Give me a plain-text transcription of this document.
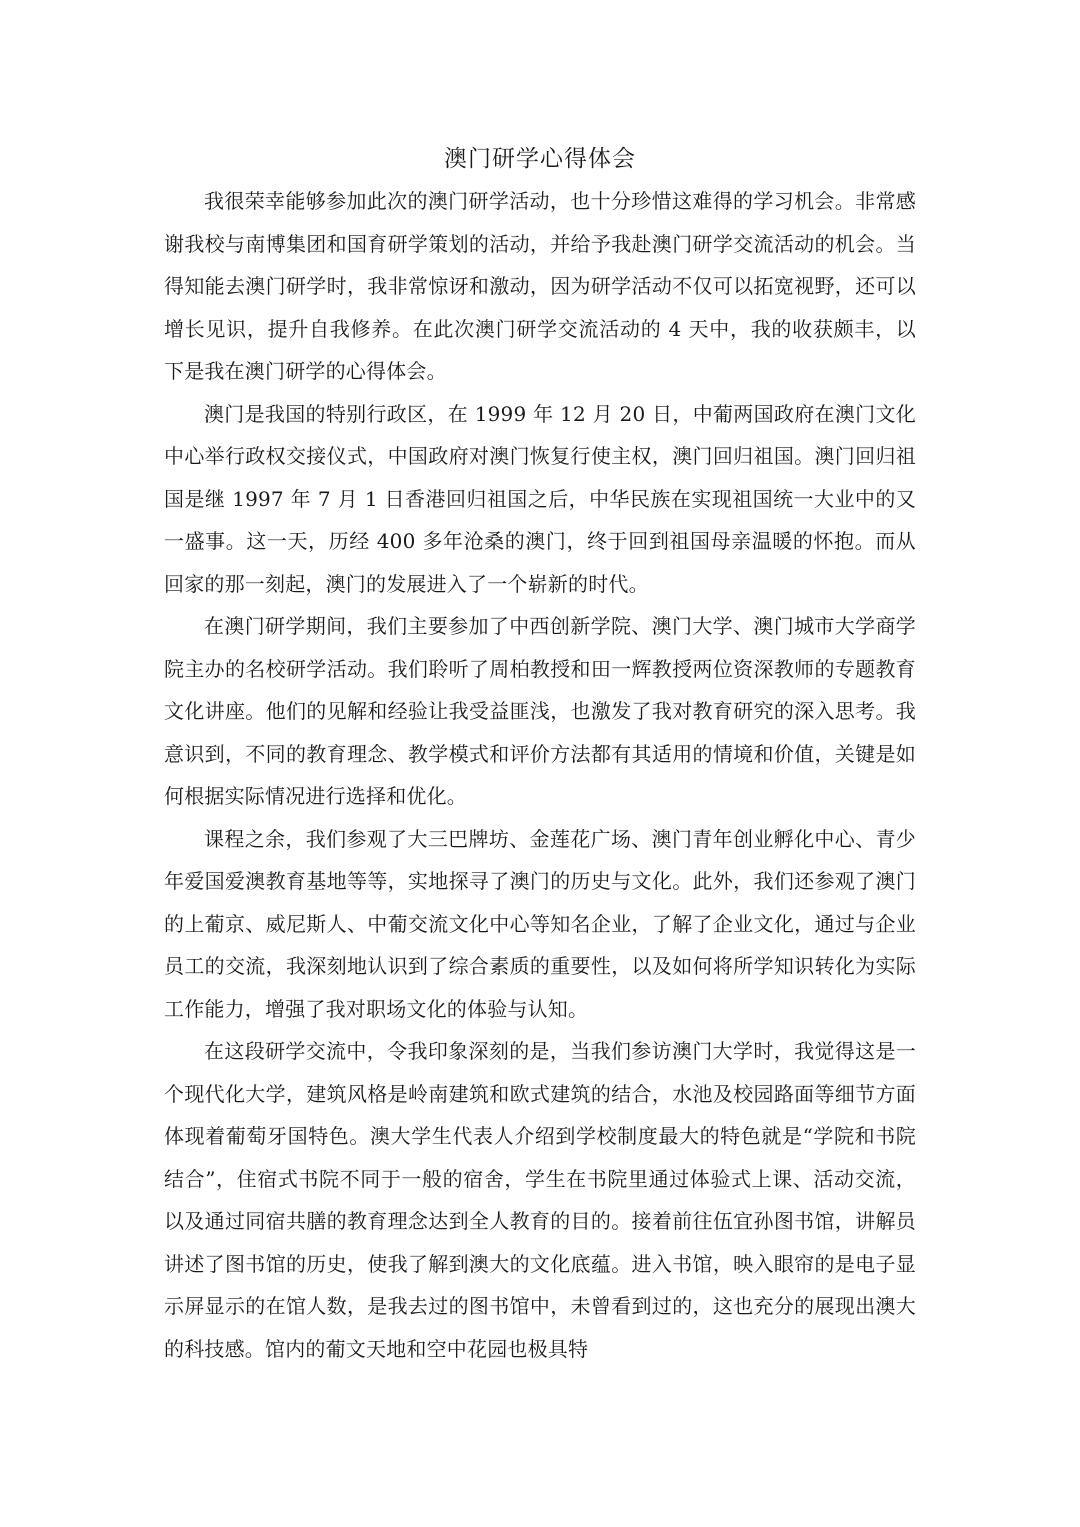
澳门研学心得体会

我很荣幸能够参加此次的澳门研学活动，也十分珍惜这难得的学习机会。非常感谢我校与南博集团和国育研学策划的活动，并给予我赴澳门研学交流活动的机会。当得知能去澳门研学时，我非常惊讶和激动，因为研学活动不仅可以拓宽视野，还可以增长见识，提升自我修养。在此次澳门研学交流活动的 4 天中，我的收获颇丰，以下是我在澳门研学的心得体会。

澳门是我国的特别行政区，在 1999 年 12 月 20 日，中葡两国政府在澳门文化中心举行政权交接仪式，中国政府对澳门恢复行使主权，澳门回归祖国。澳门回归祖国是继 1997 年 7 月 1 日香港回归祖国之后，中华民族在实现祖国统一大业中的又一盛事。这一天，历经 400 多年沧桑的澳门，终于回到祖国母亲温暖的怀抱。而从回家的那一刻起，澳门的发展进入了一个崭新的时代。

在澳门研学期间，我们主要参加了中西创新学院、澳门大学、澳门城市大学商学院主办的名校研学活动。我们聆听了周柏教授和田一辉教授两位资深教师的专题教育文化讲座。他们的见解和经验让我受益匪浅，也激发了我对教育研究的深入思考。我意识到，不同的教育理念、教学模式和评价方法都有其适用的情境和价值，关键是如何根据实际情况进行选择和优化。

课程之余，我们参观了大三巴牌坊、金莲花广场、澳门青年创业孵化中心、青少年爱国爱澳教育基地等等，实地探寻了澳门的历史与文化。此外，我们还参观了澳门的上葡京、威尼斯人、中葡交流文化中心等知名企业，了解了企业文化，通过与企业员工的交流，我深刻地认识到了综合素质的重要性，以及如何将所学知识转化为实际工作能力，增强了我对职场文化的体验与认知。

在这段研学交流中，令我印象深刻的是，当我们参访澳门大学时，我觉得这是一个现代化大学，建筑风格是岭南建筑和欧式建筑的结合，水池及校园路面等细节方面体现着葡萄牙国特色。澳大学生代表人介绍到学校制度最大的特色就是“学院和书院结合”，住宿式书院不同于一般的宿舍，学生在书院里通过体验式上课、活动交流，以及通过同宿共膳的教育理念达到全人教育的目的。接着前往伍宜孙图书馆，讲解员讲述了图书馆的历史，使我了解到澳大的文化底蕴。进入书馆，映入眼帘的是电子显示屏显示的在馆人数，是我去过的图书馆中，未曾看到过的，这也充分的展现出澳大的科技感。馆内的葡文天地和空中花园也极具特
